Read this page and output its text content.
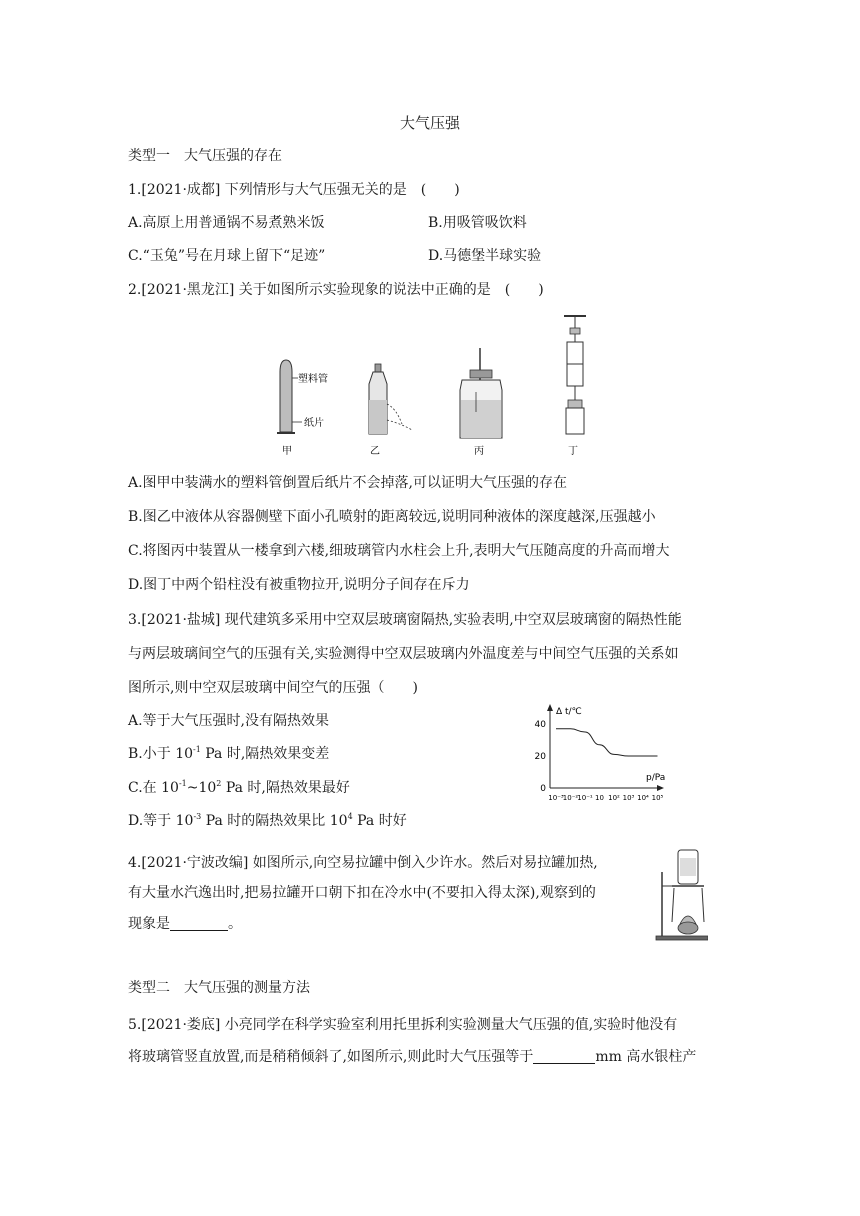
大气压强
类型一　大气压强的存在
1.[2021·成都] 下列情形与大气压强无关的是　(　　)
A.高原上用普通锅不易煮熟米饭	B.用吸管吸饮料
C.“玉兔”号在月球上留下“足迹”	D.马德堡半球实验
2.[2021·黑龙江] 关于如图所示实验现象的说法中正确的是　(　　)
塑料管
纸片
甲	乙	丙	丁
A.图甲中装满水的塑料管倒置后纸片不会掉落,可以证明大气压强的存在
B.图乙中液体从容器侧壁下面小孔喷射的距离较远,说明同种液体的深度越深,压强越小
C.将图丙中装置从一楼拿到六楼,细玻璃管内水柱会上升,表明大气压随高度的升高而增大
D.图丁中两个铅柱没有被重物拉开,说明分子间存在斥力
3.[2021·盐城] 现代建筑多采用中空双层玻璃窗隔热,实验表明,中空双层玻璃窗的隔热性能
与两层玻璃间空气的压强有关,实验测得中空双层玻璃内外温度差与中间空气压强的关系如
图所示,则中空双层玻璃中间空气的压强（　　)
A.等于大气压强时,没有隔热效果
B.小于 $10^{-1}$ Pa 时,隔热效果变差
C.在 $10^{-1}\sim 10^2$ Pa 时,隔热效果最好
D.等于 $10^{-3}$ Pa 时的隔热效果比 $10^4$ Pa 时好
Δ t/℃
p/Pa
40
20
0
10⁻³ 10⁻² 10⁻¹ 10 10² 10³ 10⁴ 10⁵
4.[2021·宁波改编] 如图所示,向空易拉罐中倒入少许水。然后对易拉罐加热,
有大量水汽逸出时,把易拉罐开口朝下扣在冷水中(不要扣入得太深),观察到的
现象是	。
类型二　大气压强的测量方法
5.[2021·娄底] 小亮同学在科学实验室利用托里拆利实验测量大气压强的值,实验时他没有
将玻璃管竖直放置,而是稍稍倾斜了,如图所示,则此时大气压强等于	mm 高水银柱产
